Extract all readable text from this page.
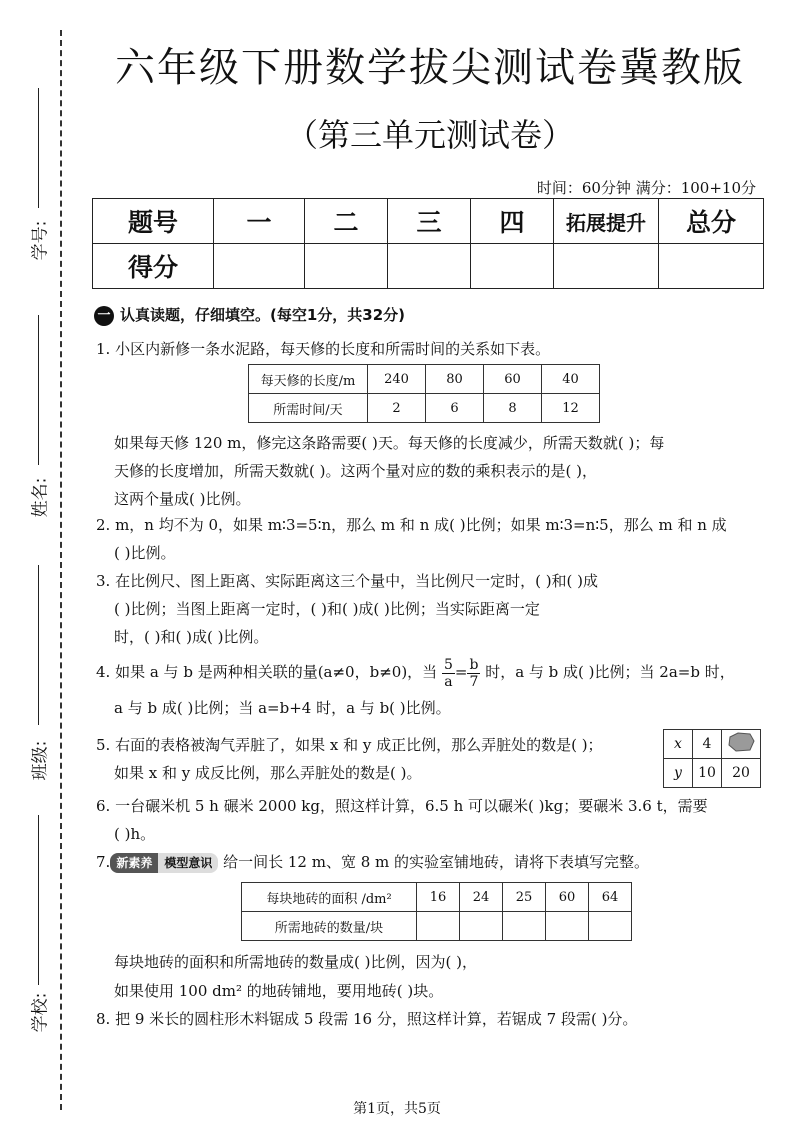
学号:
姓名:
班级:
学校:
六年级下册数学拔尖测试卷冀教版
（第三单元测试卷）
时间：60分钟 满分：100+10分
题号	一	二	三	四	拓展提升	总分
得分						
一 认真读题，仔细填空。(每空1分，共32分)
1. 小区内新修一条水泥路，每天修的长度和所需时间的关系如下表。
每天修的长度/m	240	80	60	40
所需时间/天	2	6	8	12
如果每天修 120 m，修完这条路需要( )天。每天修的长度减少，所需天数就( )；每
天修的长度增加，所需天数就( )。这两个量对应的数的乘积表示的是( )，
这两个量成( )比例。
2. m，n 均不为 0，如果 m∶3=5∶n，那么 m 和 n 成( )比例；如果 m∶3=n∶5，那么 m 和 n 成
( )比例。
3. 在比例尺、图上距离、实际距离这三个量中，当比例尺一定时，( )和( )成
( )比例；当图上距离一定时，( )和( )成( )比例；当实际距离一定
时，( )和( )成( )比例。
4. 如果 a 与 b 是两种相关联的量(a≠0，b≠0)，当 $\frac{5}{a} = \frac{b}{7}$ 时，a 与 b 成( )比例；当 2a=b 时，
a 与 b 成( )比例；当 a=b+4 时，a 与 b( )比例。
5. 右面的表格被淘气弄脏了，如果 x 和 y 成正比例，那么弄脏处的数是( )；
如果 x 和 y 成反比例，那么弄脏处的数是( )。
x	4	
y	10	20
6. 一台碾米机 5 h 碾米 2000 kg，照这样计算，6.5 h 可以碾米( )kg；要碾米 3.6 t，需要
( )h。
7. 新素养 模型意识 给一间长 12 m、宽 8 m 的实验室铺地砖，请将下表填写完整。
每块地砖的面积 /dm²	16	24	25	60	64
所需地砖的数量/块					
每块地砖的面积和所需地砖的数量成( )比例，因为( )，
如果使用 100 dm² 的地砖铺地，要用地砖( )块。
8. 把 9 米长的圆柱形木料锯成 5 段需 16 分，照这样计算，若锯成 7 段需( )分。
第1页，共5页
